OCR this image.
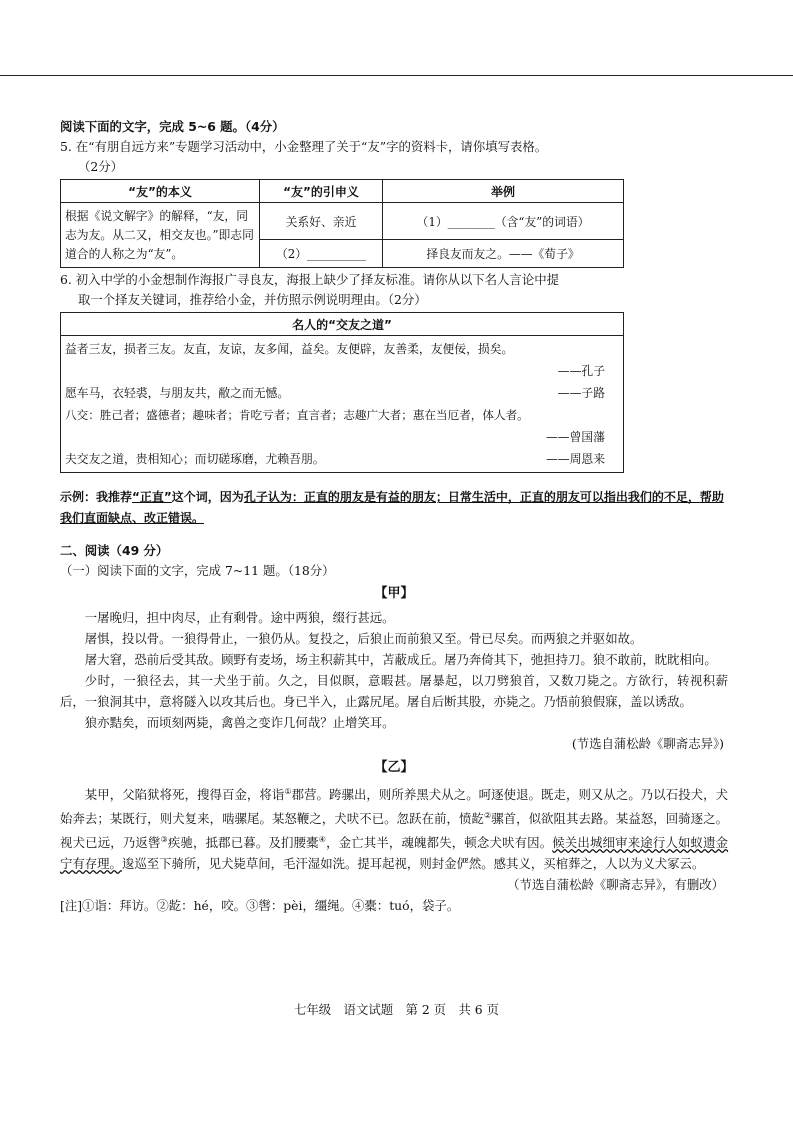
阅读下面的文字，完成 5~6 题。（4分）
5. 在“有朋自远方来”专题学习活动中，小金整理了关于“友”字的资料卡，请你填写表格。
（2分）
“友”的本义	“友”的引申义	举例
根据《说文解字》的解释，“友，同志为友。从二又，相交友也。”即志同道合的人称之为“友”。	关系好、亲近	（1）________（含“友”的词语）
	（2）__________	择良友而友之。——《荀子》
6. 初入中学的小金想制作海报广寻良友，海报上缺少了择友标准。请你从以下名人言论中提
取一个择友关键词，推荐给小金，并仿照示例说明理由。（2分）
名人的“交友之道”

益者三友，损者三友。友直，友谅，友多闻，益矣。友便辟，友善柔，友便佞，损矣。
——孔子
愿车马，衣轻裘，与朋友共，敝之而无憾。	——子路
八交：胜己者；盛德者；趣味者；肯吃亏者；直言者；志趣广大者；惠在当厄者，体人者。
——曾国藩
夫交友之道，贵相知心；而切磋琢磨，尤赖吾朋。	——周恩来
示例：我推荐“正直”这个词，因为孔子认为：正直的朋友是有益的朋友；日常生活中，正直的朋友可以指出我们的不足，帮助我们直面缺点、改正错误。
二、阅读（49 分）
（一）阅读下面的文字，完成 7~11 题。（18分）
【甲】
一屠晚归，担中肉尽，止有剩骨。途中两狼，缀行甚远。
屠惧，投以骨。一狼得骨止，一狼仍从。复投之，后狼止而前狼又至。骨已尽矣。而两狼之并驱如故。
屠大窘，恐前后受其敌。顾野有麦场，场主积薪其中，苫蔽成丘。屠乃奔倚其下，弛担持刀。狼不敢前，眈眈相向。
少时，一狼径去，其一犬坐于前。久之，目似瞑，意暇甚。屠暴起，以刀劈狼首，又数刀毙之。方欲行，转视积薪后，一狼洞其中，意将隧入以攻其后也。身已半入，止露尻尾。屠自后断其股，亦毙之。乃悟前狼假寐，盖以诱敌。
狼亦黠矣，而顷刻两毙，禽兽之变诈几何哉？止增笑耳。
(节选自蒲松龄《聊斋志异》)
【乙】
某甲，父陷狱将死，搜得百金，将诣①郡营。跨骡出，则所养黑犬从之。呵逐使退。既走，则又从之。乃以石投犬，犬始奔去；某既行，则犬复来，啮骡尾。某怒鞭之，犬吠不已。忽跃在前，愤龁②骡首，似欲阻其去路。某益怒，回骑逐之。视犬已远，乃返辔③疾驰，抵郡已暮。及扪腰橐④，金亡其半，魂魄都失，顿念犬吠有因。候关出城细审来途行人如蚁遗金宁有存理。逡巡至下骑所，见犬毙草间，毛汗湿如洗。提耳起视，则封金俨然。感其义，买棺葬之，人以为义犬冢云。
（节选自蒲松龄《聊斋志异》，有删改）
[注]①诣：拜访。②龁：hé，咬。③辔：pèi，缰绳。④橐：tuó，袋子。
七年级　语文试题　第 2 页　共 6 页
